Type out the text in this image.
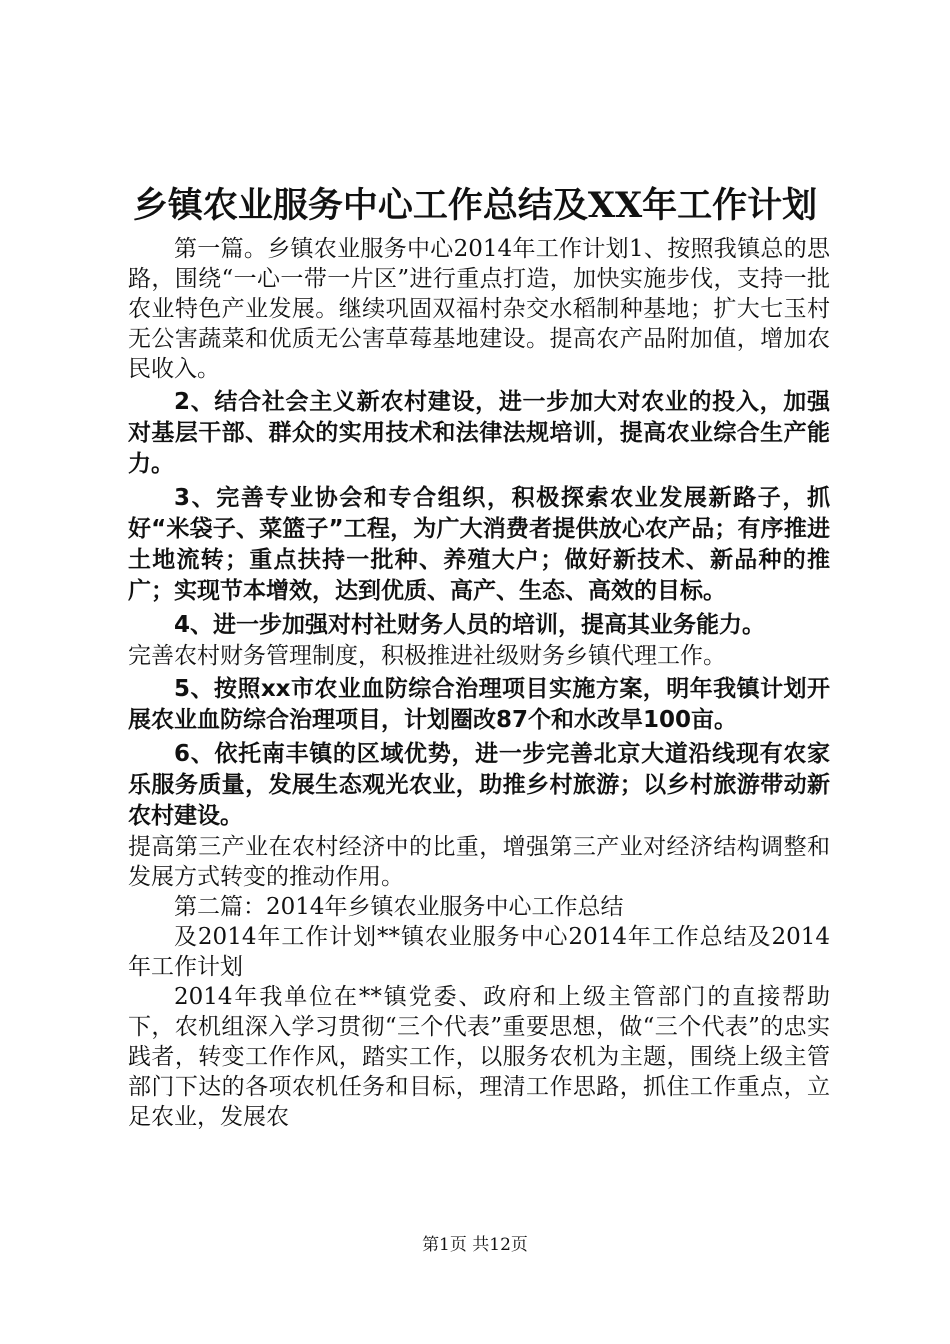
乡镇农业服务中心工作总结及XX年工作计划

第一篇。乡镇农业服务中心2014年工作计划1、按照我镇总的思路，围绕“一心一带一片区”进行重点打造，加快实施步伐，支持一批农业特色产业发展。继续巩固双福村杂交水稻制种基地；扩大七玉村无公害蔬菜和优质无公害草莓基地建设。提高农产品附加值，增加农民收入。

2、结合社会主义新农村建设，进一步加大对农业的投入，加强对基层干部、群众的实用技术和法律法规培训，提高农业综合生产能力。

3、完善专业协会和专合组织，积极探索农业发展新路子，抓好“米袋子、菜篮子”工程，为广大消费者提供放心农产品；有序推进土地流转；重点扶持一批种、养殖大户；做好新技术、新品种的推广；实现节本增效，达到优质、高产、生态、高效的目标。

4、进一步加强对村社财务人员的培训，提高其业务能力。

完善农村财务管理制度，积极推进社级财务乡镇代理工作。

5、按照xx市农业血防综合治理项目实施方案，明年我镇计划开展农业血防综合治理项目，计划圈改87个和水改旱100亩。

6、依托南丰镇的区域优势，进一步完善北京大道沿线现有农家乐服务质量，发展生态观光农业，助推乡村旅游；以乡村旅游带动新农村建设。

提高第三产业在农村经济中的比重，增强第三产业对经济结构调整和发展方式转变的推动作用。

第二篇：2014年乡镇农业服务中心工作总结

及2014年工作计划**镇农业服务中心2014年工作总结及2014年工作计划

2014年我单位在**镇党委、政府和上级主管部门的直接帮助下，农机组深入学习贯彻“三个代表”重要思想，做“三个代表”的忠实践者，转变工作作风，踏实工作，以服务农机为主题，围绕上级主管部门下达的各项农机任务和目标，理清工作思路，抓住工作重点，立足农业，发展农

第1页 共12页
